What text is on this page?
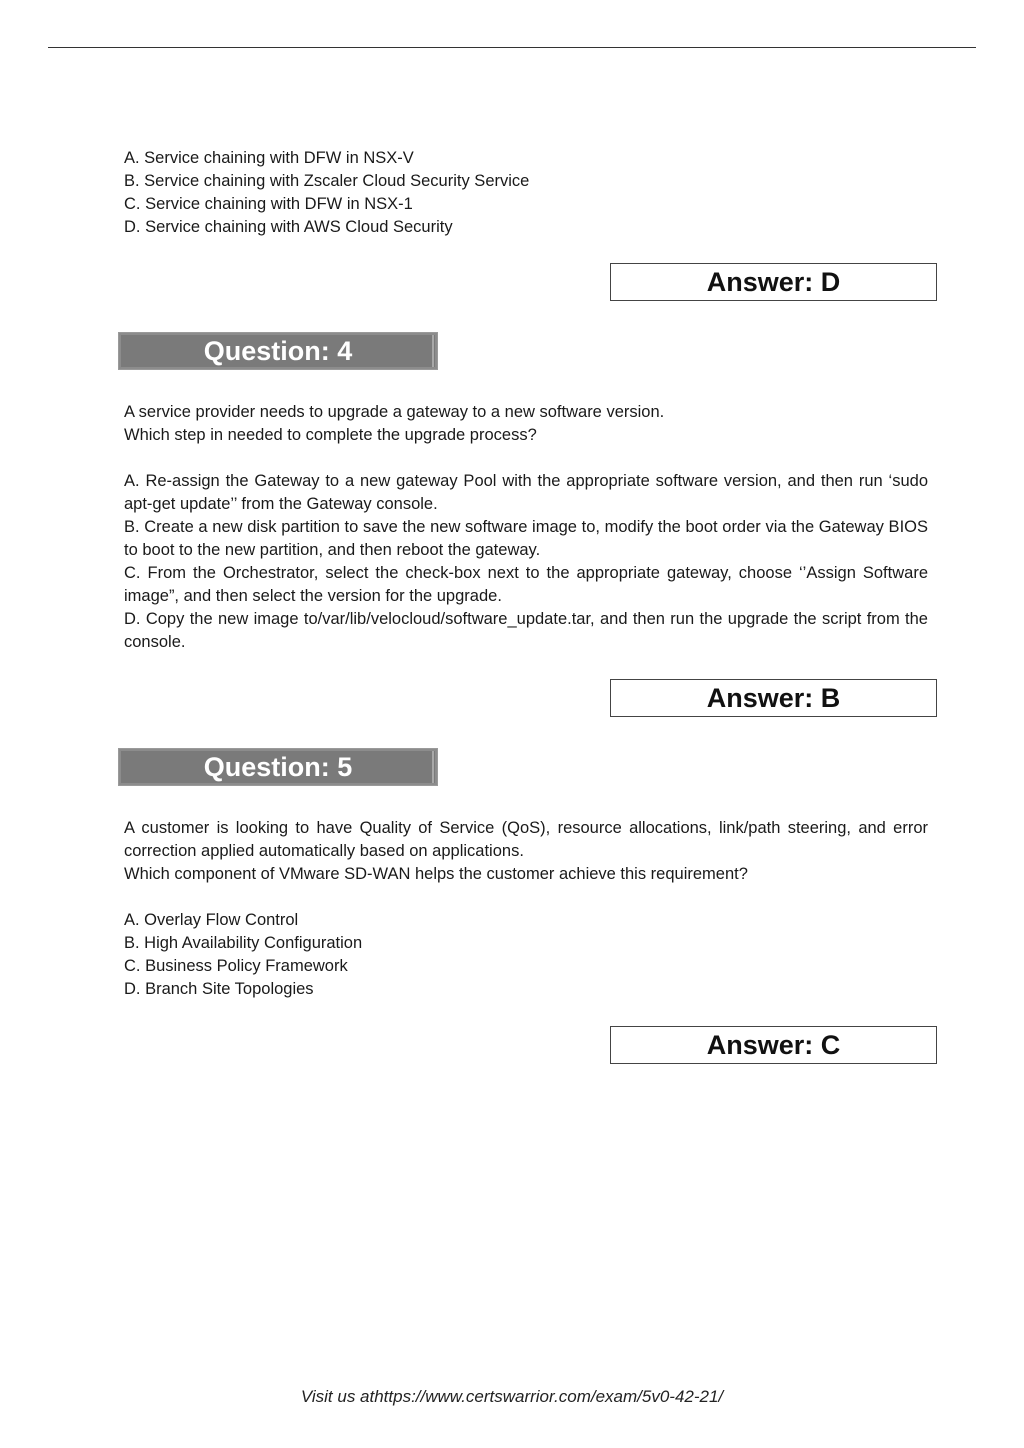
A. Service chaining with DFW in NSX-V
B. Service chaining with Zscaler Cloud Security Service
C. Service chaining with DFW in NSX-1
D. Service chaining with AWS Cloud Security
Answer: D
Question: 4
A service provider needs to upgrade a gateway to a new software version.
Which step in needed to complete the upgrade process?
A. Re-assign the Gateway to a new gateway Pool with the appropriate software version, and then run ‘sudo apt-get update’’ from the Gateway console.
B. Create a new disk partition to save the new software image to, modify the boot order via the Gateway BIOS to boot to the new partition, and then reboot the gateway.
C. From the Orchestrator, select the check-box next to the appropriate gateway, choose ‘’Assign Software image”, and then select the version for the upgrade.
D. Copy the new image to/var/lib/velocloud/software_update.tar, and then run the upgrade the script from the console.
Answer: B
Question: 5
A customer is looking to have Quality of Service (QoS), resource allocations, link/path steering, and error correction applied automatically based on applications.
Which component of VMware SD-WAN helps the customer achieve this requirement?
A. Overlay Flow Control
B. High Availability Configuration
C. Business Policy Framework
D. Branch Site Topologies
Answer: C
Visit us athttps://www.certswarrior.com/exam/5v0-42-21/
